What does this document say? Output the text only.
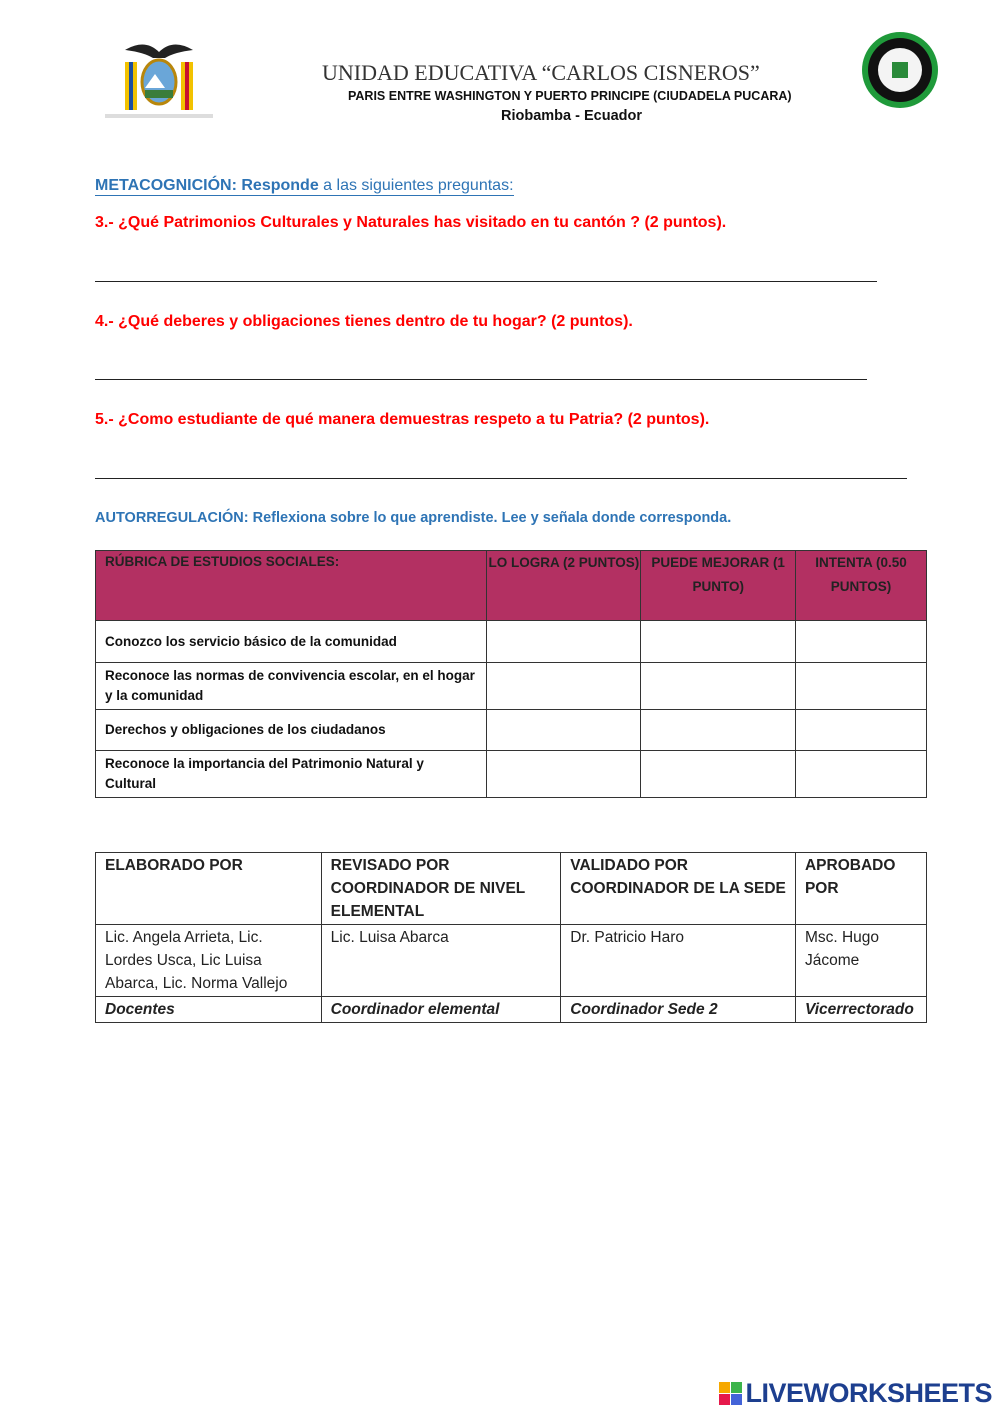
UNIDAD EDUCATIVA “CARLOS CISNEROS”
PARIS ENTRE WASHINGTON Y PUERTO PRINCIPE (CIUDADELA PUCARA)
Riobamba - Ecuador
METACOGNICIÓN: Responde a las siguientes preguntas:
3.- ¿Qué Patrimonios Culturales y Naturales has visitado en tu cantón ? (2 puntos).
4.- ¿Qué deberes y obligaciones tienes dentro de tu hogar? (2 puntos).
5.- ¿Como estudiante de qué manera demuestras respeto a tu Patria? (2 puntos).
AUTORREGULACIÓN: Reflexiona sobre lo que aprendiste. Lee y señala donde corresponda.
RÚBRICA DE ESTUDIOS SOCIALES:	LO LOGRA (2 PUNTOS)	PUEDE MEJORAR (1 PUNTO)	INTENTA (0.50 PUNTOS)
Conozco los servicio básico de la comunidad			
Reconoce las normas de convivencia escolar, en el hogar y la comunidad			
Derechos y obligaciones de los ciudadanos			
Reconoce la importancia del Patrimonio Natural y Cultural			
ELABORADO POR	REVISADO POR COORDINADOR DE NIVEL ELEMENTAL	VALIDADO POR COORDINADOR DE LA SEDE	APROBADO POR
Lic. Angela Arrieta, Lic. Lordes Usca, Lic Luisa Abarca, Lic. Norma Vallejo	Lic. Luisa Abarca	Dr. Patricio Haro	Msc. Hugo Jácome
Docentes	Coordinador elemental	Coordinador Sede 2	Vicerrectorado
LIVEWORKSHEETS
